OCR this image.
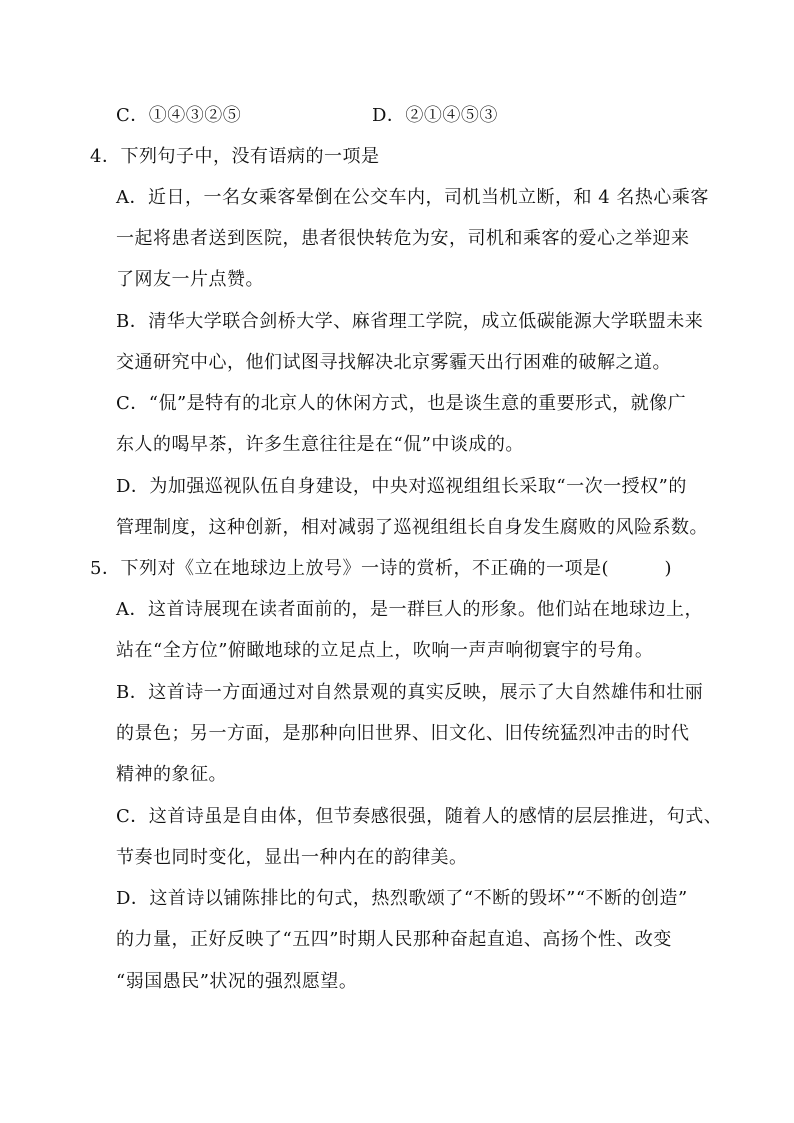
C．①④③②⑤	D．②①④⑤③
4．下列句子中，没有语病的一项是
A．近日，一名女乘客晕倒在公交车内，司机当机立断，和 4 名热心乘客
一起将患者送到医院，患者很快转危为安，司机和乘客的爱心之举迎来
了网友一片点赞。
B．清华大学联合剑桥大学、麻省理工学院，成立低碳能源大学联盟未来
交通研究中心，他们试图寻找解决北京雾霾天出行困难的破解之道。
C．“侃”是特有的北京人的休闲方式，也是谈生意的重要形式，就像广
东人的喝早茶，许多生意往往是在“侃”中谈成的。
D．为加强巡视队伍自身建设，中央对巡视组组长采取“一次一授权”的
管理制度，这种创新，相对减弱了巡视组组长自身发生腐败的风险系数。
5．下列对《立在地球边上放号》一诗的赏析，不正确的一项是(　　　)
A．这首诗展现在读者面前的，是一群巨人的形象。他们站在地球边上，
站在“全方位”俯瞰地球的立足点上，吹响一声声响彻寰宇的号角。
B．这首诗一方面通过对自然景观的真实反映，展示了大自然雄伟和壮丽
的景色；另一方面，是那种向旧世界、旧文化、旧传统猛烈冲击的时代
精神的象征。
C．这首诗虽是自由体，但节奏感很强，随着人的感情的层层推进，句式、
节奏也同时变化，显出一种内在的韵律美。
D．这首诗以铺陈排比的句式，热烈歌颂了“不断的毁坏”“不断的创造”
的力量，正好反映了“五四”时期人民那种奋起直追、高扬个性、改变
“弱国愚民”状况的强烈愿望。
